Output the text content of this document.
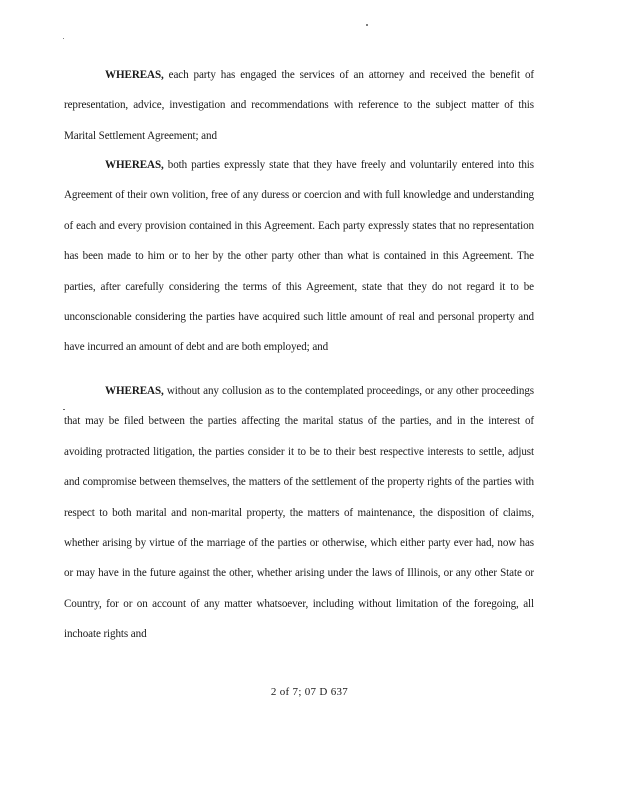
WHEREAS, each party has engaged the services of an attorney and received the benefit of representation, advice, investigation and recommendations with reference to the subject matter of this Marital Settlement Agreement; and

WHEREAS, both parties expressly state that they have freely and voluntarily entered into this Agreement of their own volition, free of any duress or coercion and with full knowledge and understanding of each and every provision contained in this Agreement. Each party expressly states that no representation has been made to him or to her by the other party other than what is contained in this Agreement. The parties, after carefully considering the terms of this Agreement, state that they do not regard it to be unconscionable considering the parties have acquired such little amount of real and personal property and have incurred an amount of debt and are both employed; and

WHEREAS, without any collusion as to the contemplated proceedings, or any other proceedings that may be filed between the parties affecting the marital status of the parties, and in the interest of avoiding protracted litigation, the parties consider it to be to their best respective interests to settle, adjust and compromise between themselves, the matters of the settlement of the property rights of the parties with respect to both marital and non-marital property, the matters of maintenance, the disposition of claims, whether arising by virtue of the marriage of the parties or otherwise, which either party ever had, now has or may have in the future against the other, whether arising under the laws of Illinois, or any other State or Country, for or on account of any matter whatsoever, including without limitation of the foregoing, all inchoate rights and

2 of 7; 07 D 637
